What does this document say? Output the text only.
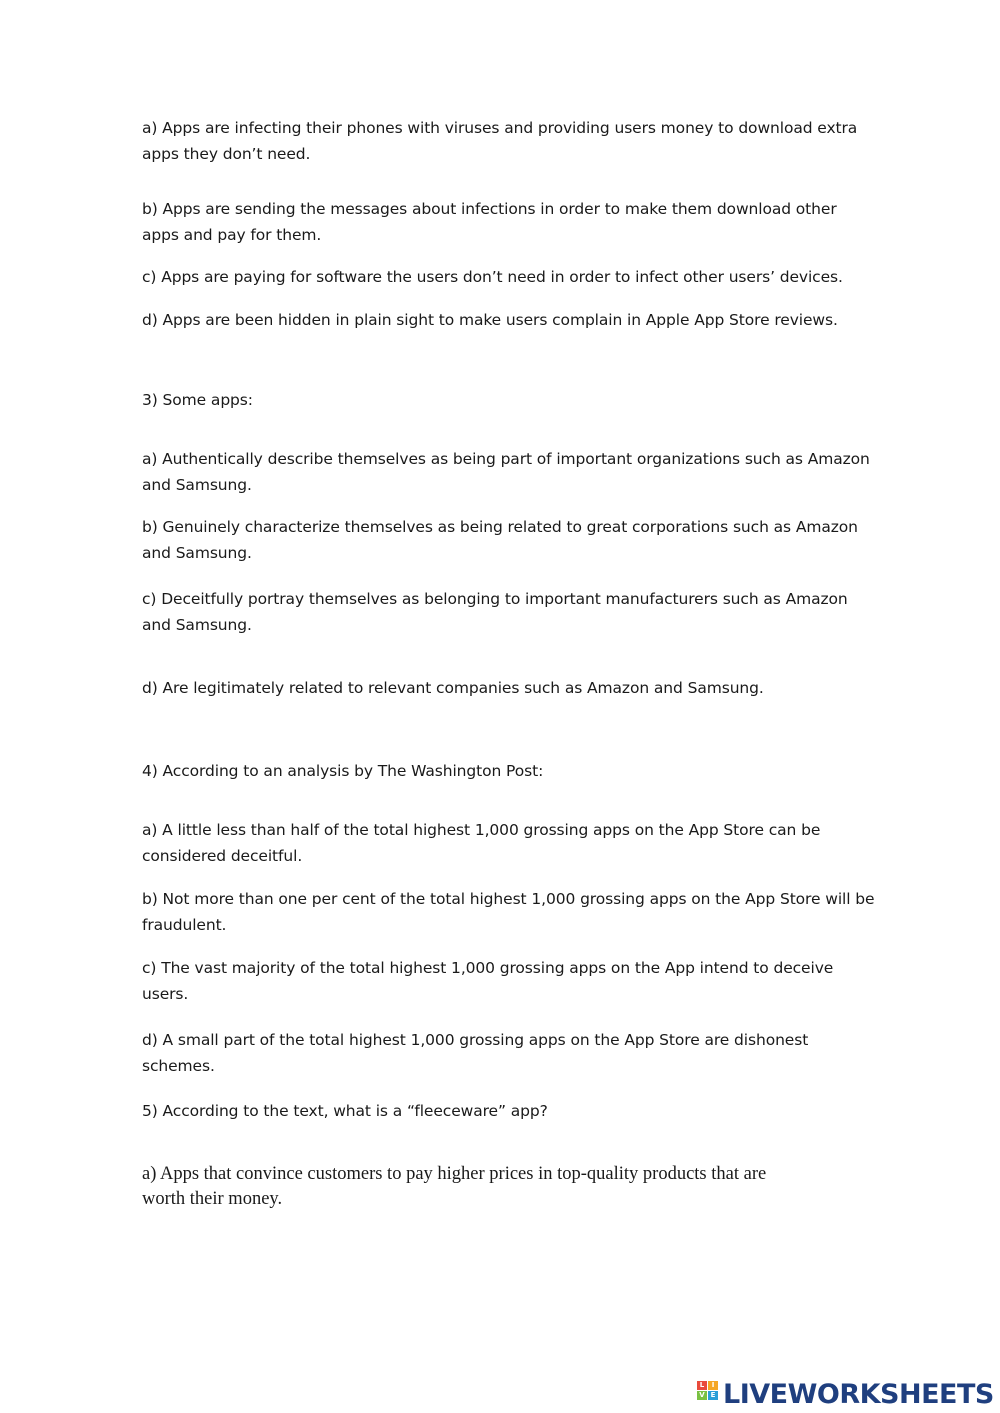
a) Apps are infecting their phones with viruses and providing users money to download extra
apps they don’t need.

b) Apps are sending the messages about infections in order to make them download other
apps and pay for them.

c) Apps are paying for software the users don’t need in order to infect other users’ devices.

d) Apps are been hidden in plain sight to make users complain in Apple App Store reviews.

3) Some apps:

a) Authentically describe themselves as being part of important organizations such as Amazon
and Samsung.

b) Genuinely characterize themselves as being related to great corporations such as Amazon
and Samsung.

c) Deceitfully portray themselves as belonging to important manufacturers such as Amazon
and Samsung.

d) Are legitimately related to relevant companies such as Amazon and Samsung.

4) According to an analysis by The Washington Post:

a) A little less than half of the total highest 1,000 grossing apps on the App Store can be
considered deceitful.

b) Not more than one per cent of the total highest 1,000 grossing apps on the App Store will be
fraudulent.

c) The vast majority of the total highest 1,000 grossing apps on the App intend to deceive
users.

d) A small part of the total highest 1,000 grossing apps on the App Store are dishonest
schemes.

5) According to the text, what is a “fleeceware” app?

a) Apps that convince customers to pay higher prices in top-quality products that are
worth their money.

L	I
V E LIVEWORKSHEETS
